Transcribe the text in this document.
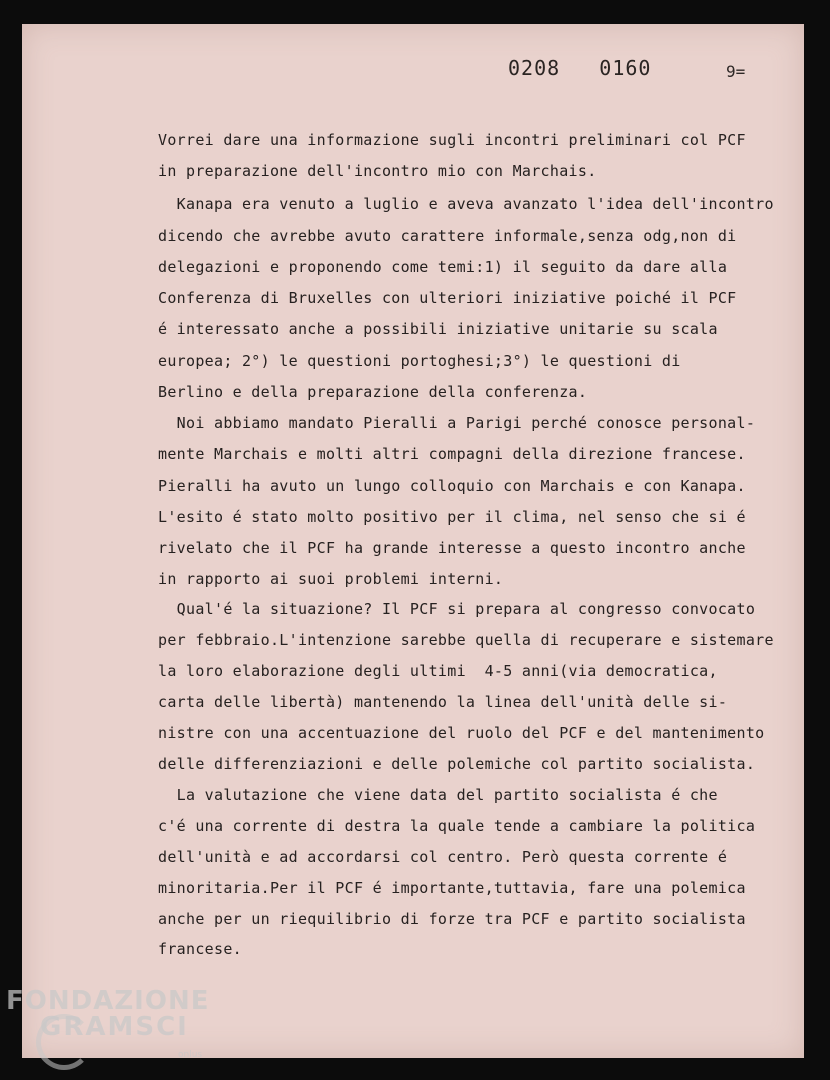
0208   0160	9=
Vorrei dare una informazione sugli incontri preliminari col PCF
in preparazione dell'incontro mio con Marchais.
Kanapa era venuto a luglio e aveva avanzato l'idea dell'incontro
dicendo che avrebbe avuto carattere informale,senza odg,non di
delegazioni e proponendo come temi:1) il seguito da dare alla
Conferenza di Bruxelles con ulteriori iniziative poiché il PCF
é interessato anche a possibili iniziative unitarie su scala
europea; 2°) le questioni portoghesi;3°) le questioni di
Berlino e della preparazione della conferenza.
Noi abbiamo mandato Pieralli a Parigi perché conosce personal-
mente Marchais e molti altri compagni della direzione francese.
Pieralli ha avuto un lungo colloquio con Marchais e con Kanapa.
L'esito é stato molto positivo per il clima, nel senso che si é
rivelato che il PCF ha grande interesse a questo incontro anche
in rapporto ai suoi problemi interni.
Qual'é la situazione? Il PCF si prepara al congresso convocato
per febbraio.L'intenzione sarebbe quella di recuperare e sistemare
la loro elaborazione degli ultimi  4-5 anni(via democratica,
carta delle libertà) mantenendo la linea dell'unità delle si-
nistre con una accentuazione del ruolo del PCF e del mantenimento
delle differenziazioni e delle polemiche col partito socialista.
La valutazione che viene data del partito socialista é che
c'é una corrente di destra la quale tende a cambiare la politica
dell'unità e ad accordarsi col centro. Però questa corrente é
minoritaria.Per il PCF é importante,tuttavia, fare una polemica
anche per un riequilibrio di forze tra PCF e partito socialista
francese.
FONDAZIONE
GRAMSCI
onlus
